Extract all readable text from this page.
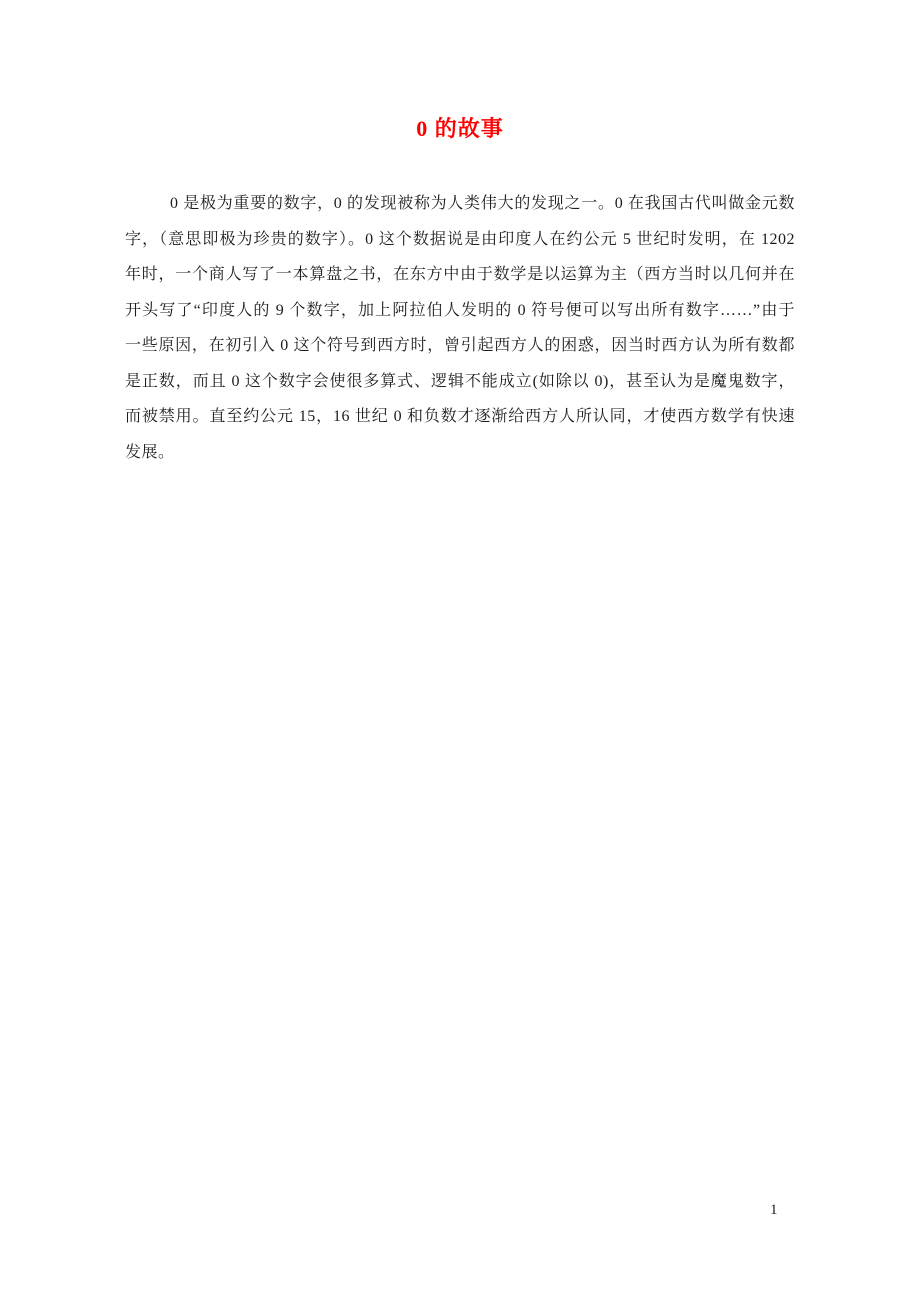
0 的故事
0 是极为重要的数字，0 的发现被称为人类伟大的发现之一。0 在我国古代叫做金元数
字，（意思即极为珍贵的数字）。0 这个数据说是由印度人在约公元 5 世纪时发明，在 1202
年时，一个商人写了一本算盘之书，在东方中由于数学是以运算为主（西方当时以几何并在
开头写了“印度人的 9 个数字，加上阿拉伯人发明的 0 符号便可以写出所有数字……”由于
一些原因，在初引入 0 这个符号到西方时，曾引起西方人的困惑，因当时西方认为所有数都
是正数，而且 0 这个数字会使很多算式、逻辑不能成立(如除以 0)，甚至认为是魔鬼数字，
而被禁用。直至约公元 15，16 世纪 0 和负数才逐渐给西方人所认同，才使西方数学有快速
发展。
1
